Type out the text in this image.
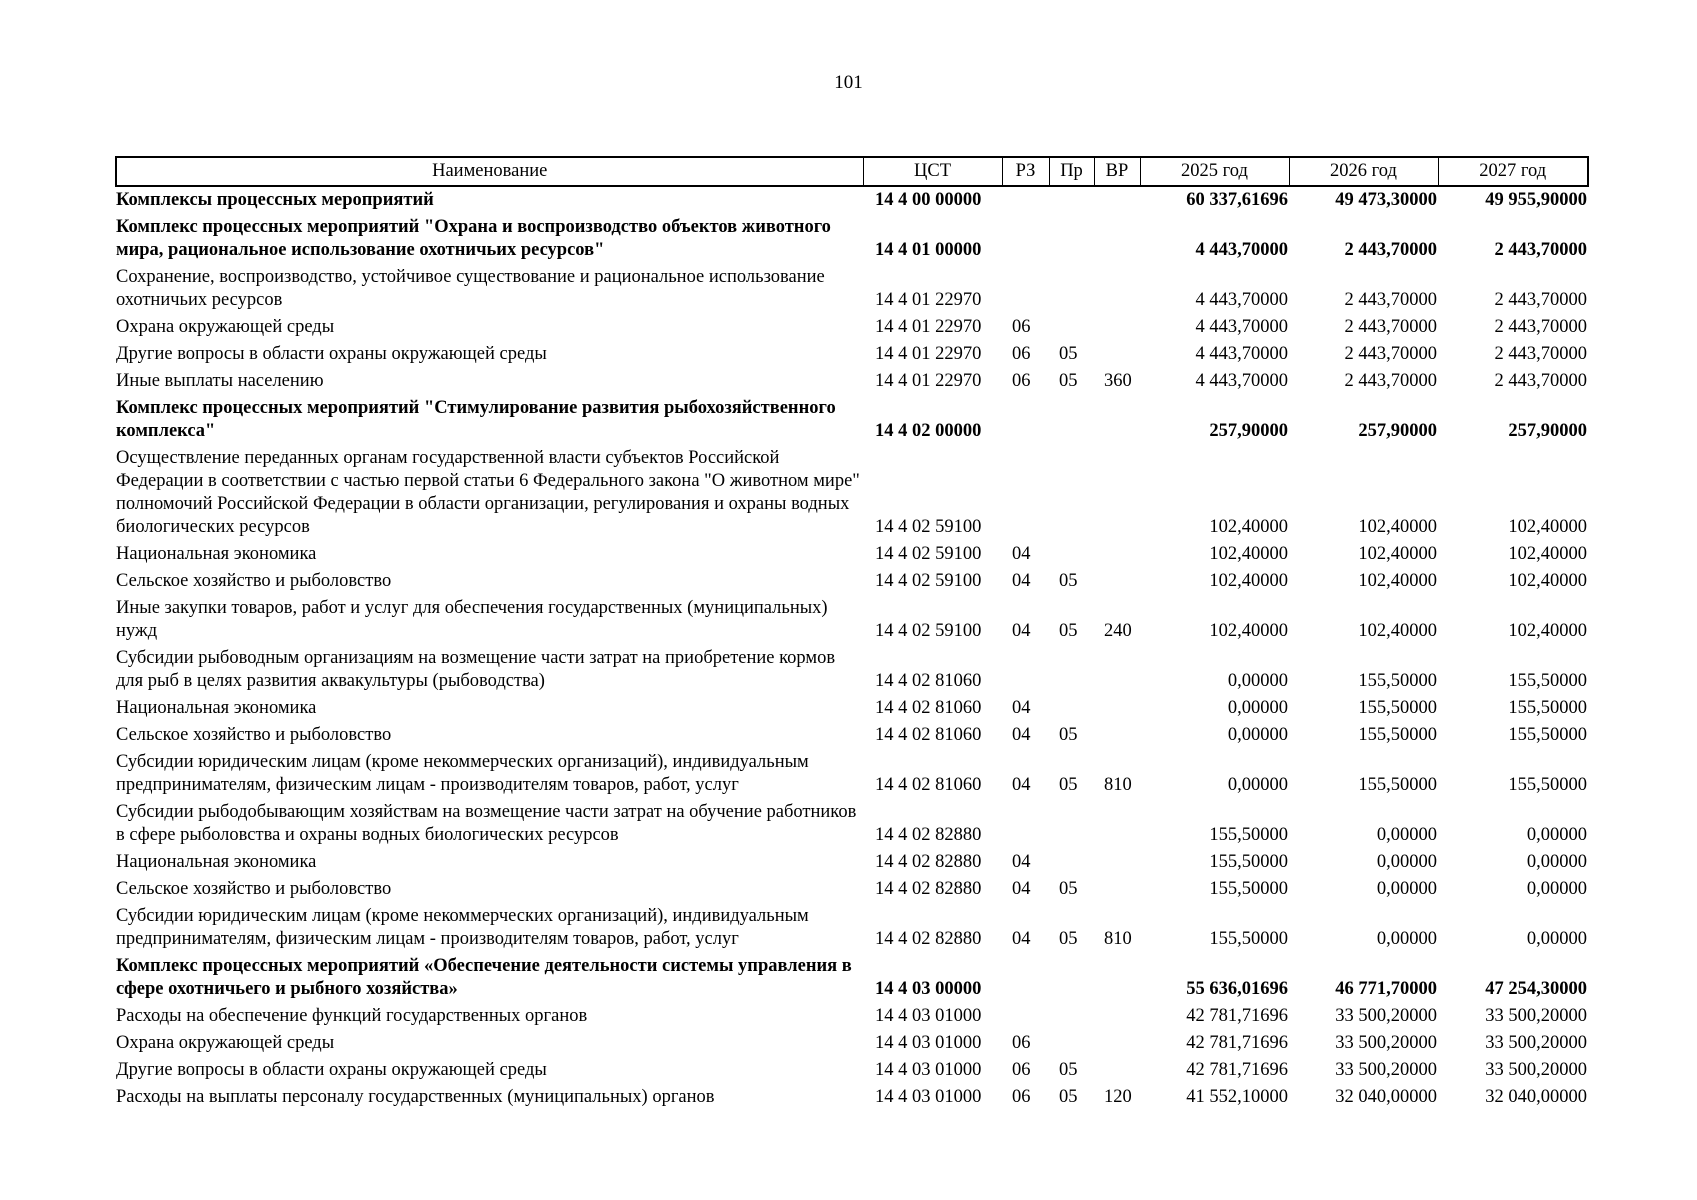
101
Наименование	ЦСТ	РЗ	Пр	ВР	2025 год	2026 год	2027 год
Комплексы процессных мероприятий	14 4 00 00000				60 337,61696	49 473,30000	49 955,90000
Комплекс процессных мероприятий "Охрана и воспроизводство объектов животного мира, рациональное использование охотничьих ресурсов"	14 4 01 00000				4 443,70000	2 443,70000	2 443,70000
Сохранение, воспроизводство, устойчивое существование и рациональное использование охотничьих ресурсов	14 4 01 22970				4 443,70000	2 443,70000	2 443,70000
Охрана окружающей среды	14 4 01 22970	06			4 443,70000	2 443,70000	2 443,70000
Другие вопросы в области охраны окружающей среды	14 4 01 22970	06	05		4 443,70000	2 443,70000	2 443,70000
Иные выплаты населению	14 4 01 22970	06	05	360	4 443,70000	2 443,70000	2 443,70000
Комплекс процессных мероприятий "Стимулирование развития рыбохозяйственного комплекса"	14 4 02 00000				257,90000	257,90000	257,90000
Осуществление переданных органам государственной власти субъектов Российской Федерации в соответствии с частью первой статьи 6 Федерального закона "О животном мире" полномочий Российской Федерации в области организации, регулирования и охраны водных биологических ресурсов	14 4 02 59100				102,40000	102,40000	102,40000
Национальная экономика	14 4 02 59100	04			102,40000	102,40000	102,40000
Сельское хозяйство и рыболовство	14 4 02 59100	04	05		102,40000	102,40000	102,40000
Иные закупки товаров, работ и услуг для обеспечения государственных (муниципальных) нужд	14 4 02 59100	04	05	240	102,40000	102,40000	102,40000
Субсидии рыбоводным организациям на возмещение части затрат на приобретение кормов для рыб в целях развития аквакультуры (рыбоводства)	14 4 02 81060				0,00000	155,50000	155,50000
Национальная экономика	14 4 02 81060	04			0,00000	155,50000	155,50000
Сельское хозяйство и рыболовство	14 4 02 81060	04	05		0,00000	155,50000	155,50000
Субсидии юридическим лицам (кроме некоммерческих организаций), индивидуальным предпринимателям, физическим лицам - производителям товаров, работ, услуг	14 4 02 81060	04	05	810	0,00000	155,50000	155,50000
Субсидии рыбодобывающим хозяйствам на возмещение части затрат на обучение работников в сфере рыболовства и охраны водных биологических ресурсов	14 4 02 82880				155,50000	0,00000	0,00000
Национальная экономика	14 4 02 82880	04			155,50000	0,00000	0,00000
Сельское хозяйство и рыболовство	14 4 02 82880	04	05		155,50000	0,00000	0,00000
Субсидии юридическим лицам (кроме некоммерческих организаций), индивидуальным предпринимателям, физическим лицам - производителям товаров, работ, услуг	14 4 02 82880	04	05	810	155,50000	0,00000	0,00000
Комплекс процессных мероприятий «Обеспечение деятельности системы управления в сфере охотничьего и рыбного хозяйства»	14 4 03 00000				55 636,01696	46 771,70000	47 254,30000
Расходы на обеспечение функций государственных органов	14 4 03 01000				42 781,71696	33 500,20000	33 500,20000
Охрана окружающей среды	14 4 03 01000	06			42 781,71696	33 500,20000	33 500,20000
Другие вопросы в области охраны окружающей среды	14 4 03 01000	06	05		42 781,71696	33 500,20000	33 500,20000
Расходы на выплаты персоналу государственных (муниципальных) органов	14 4 03 01000	06	05	120	41 552,10000	32 040,00000	32 040,00000
